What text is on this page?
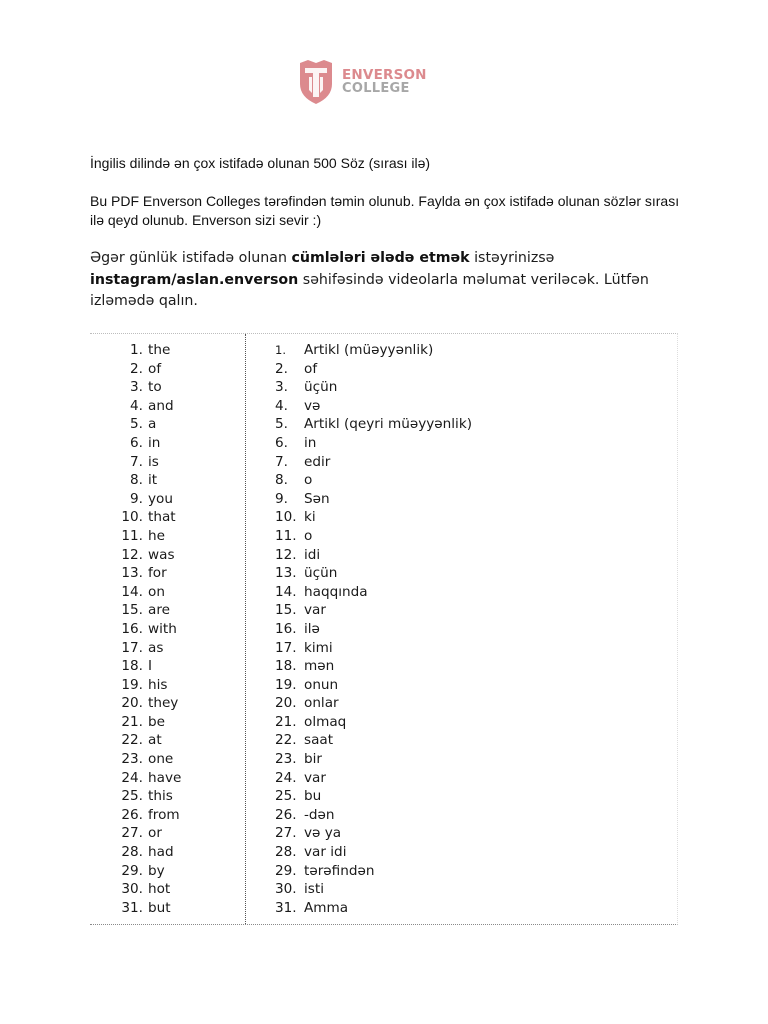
ENVERSON
COLLEGE
İngilis dilində ən çox istifadə olunan 500 Söz (sırası ilə)
Bu PDF Enverson Colleges tərəfindən təmin olunub. Faylda ən çox istifadə olunan sözlər sırası ilə qeyd olunub. Enverson sizi sevir :)
Əgər günlük istifadə olunan cümləlәri әlәdә etmәk istəyrinizsə instagram/aslan.enverson səhifəsində videolarla məlumat veriləcək. Lütfən izləmədə qalın.
1. the
2. of
3. to
4. and
5. a
6. in
7. is
8. it
9. you
10. that
11. he
12. was
13. for
14. on
15. are
16. with
17. as
18. I
19. his
20. they
21. be
22. at
23. one
24. have
25. this
26. from
27. or
28. had
29. by
30. hot
31. but
1. Artikl (müəyyənlik)
2. of
3. üçün
4. və
5. Artikl (qeyri müəyyənlik)
6. in
7. edir
8. o
9. Sən
10. ki
11. o
12. idi
13. üçün
14. haqqında
15. var
16. ilə
17. kimi
18. mən
19. onun
20. onlar
21. olmaq
22. saat
23. bir
24. var
25. bu
26. -dən
27. və ya
28. var idi
29. tərəfindən
30. isti
31. Amma
